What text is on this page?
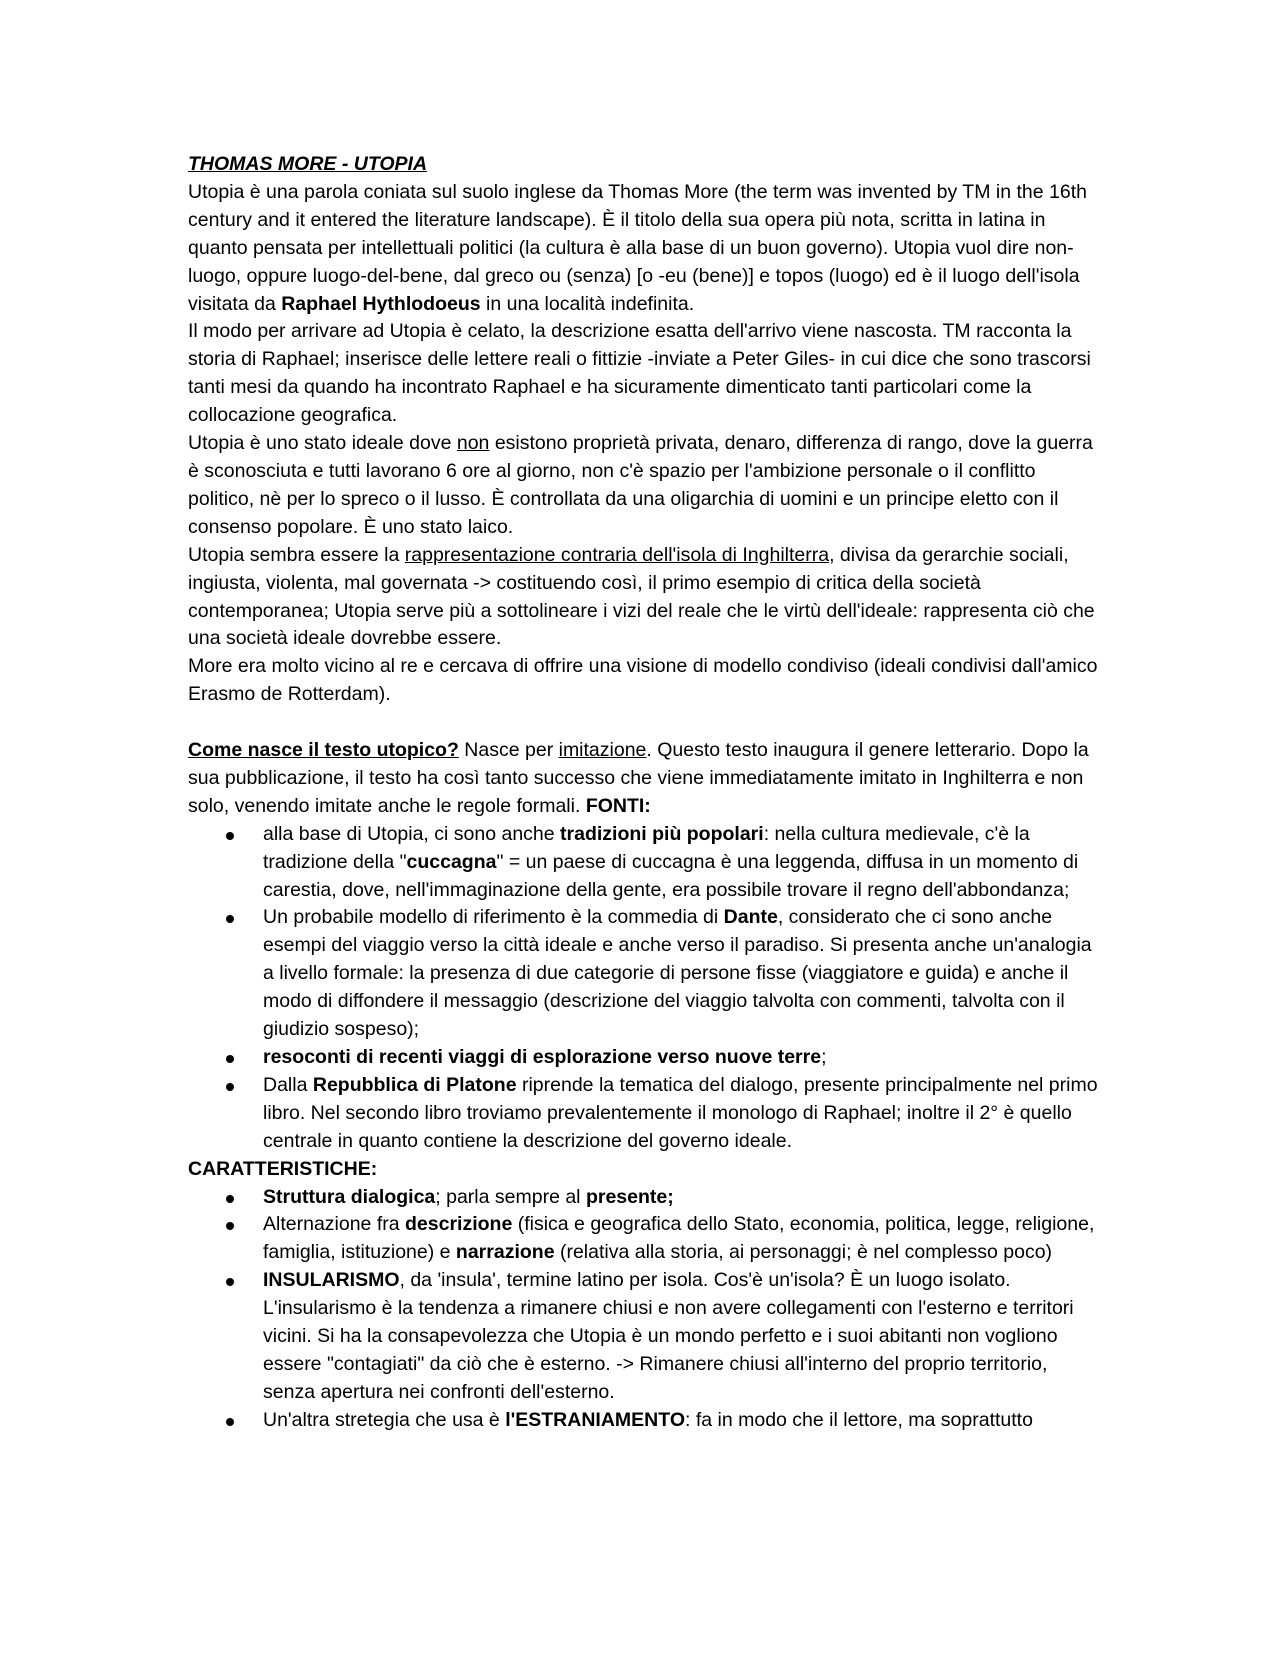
THOMAS MORE - UTOPIA

Utopia è una parola coniata sul suolo inglese da Thomas More (the term was invented by TM in the 16th century and it entered the literature landscape). È il titolo della sua opera più nota, scritta in latina in quanto pensata per intellettuali politici (la cultura è alla base di un buon governo). Utopia vuol dire non-luogo, oppure luogo-del-bene, dal greco ou (senza) [o -eu (bene)] e topos (luogo) ed è il luogo dell'isola visitata da Raphael Hythlodoeus in una località indefinita.

Il modo per arrivare ad Utopia è celato, la descrizione esatta dell'arrivo viene nascosta. TM racconta la storia di Raphael; inserisce delle lettere reali o fittizie -inviate a Peter Giles- in cui dice che sono trascorsi tanti mesi da quando ha incontrato Raphael e ha sicuramente dimenticato tanti particolari come la collocazione geografica.

Utopia è uno stato ideale dove non esistono proprietà privata, denaro, differenza di rango, dove la guerra è sconosciuta e tutti lavorano 6 ore al giorno, non c'è spazio per l'ambizione personale o il conflitto politico, nè per lo spreco o il lusso. È controllata da una oligarchia di uomini e un principe eletto con il consenso popolare. È uno stato laico.

Utopia sembra essere la rappresentazione contraria dell'isola di Inghilterra, divisa da gerarchie sociali, ingiusta, violenta, mal governata -> costituendo così, il primo esempio di critica della società contemporanea; Utopia serve più a sottolineare i vizi del reale che le virtù dell'ideale: rappresenta ciò che una società ideale dovrebbe essere.

More era molto vicino al re e cercava di offrire una visione di modello condiviso (ideali condivisi dall'amico Erasmo de Rotterdam).

Come nasce il testo utopico? Nasce per imitazione. Questo testo inaugura il genere letterario. Dopo la sua pubblicazione, il testo ha così tanto successo che viene immediatamente imitato in Inghilterra e non solo, venendo imitate anche le regole formali. FONTI:

alla base di Utopia, ci sono anche tradizioni più popolari: nella cultura medievale, c'è la tradizione della "cuccagna" = un paese di cuccagna è una leggenda, diffusa in un momento di carestia, dove, nell'immaginazione della gente, era possibile trovare il regno dell'abbondanza;
Un probabile modello di riferimento è la commedia di Dante, considerato che ci sono anche esempi del viaggio verso la città ideale e anche verso il paradiso. Si presenta anche un'analogia a livello formale: la presenza di due categorie di persone fisse (viaggiatore e guida) e anche il modo di diffondere il messaggio (descrizione del viaggio talvolta con commenti, talvolta con il giudizio sospeso);
resoconti di recenti viaggi di esplorazione verso nuove terre;
Dalla Repubblica di Platone riprende la tematica del dialogo, presente principalmente nel primo libro. Nel secondo libro troviamo prevalentemente il monologo di Raphael; inoltre il 2° è quello centrale in quanto contiene la descrizione del governo ideale.

CARATTERISTICHE:

Struttura dialogica; parla sempre al presente;
Alternazione fra descrizione (fisica e geografica dello Stato, economia, politica, legge, religione, famiglia, istituzione) e narrazione (relativa alla storia, ai personaggi; è nel complesso poco)
INSULARISMO, da 'insula', termine latino per isola. Cos'è un'isola? È un luogo isolato. L'insularismo è la tendenza a rimanere chiusi e non avere collegamenti con l'esterno e territori vicini. Si ha la consapevolezza che Utopia è un mondo perfetto e i suoi abitanti non vogliono essere "contagiati" da ciò che è esterno. -> Rimanere chiusi all'interno del proprio territorio, senza apertura nei confronti dell'esterno.
Un'altra stretegia che usa è l'ESTRANIAMENTO: fa in modo che il lettore, ma soprattutto
